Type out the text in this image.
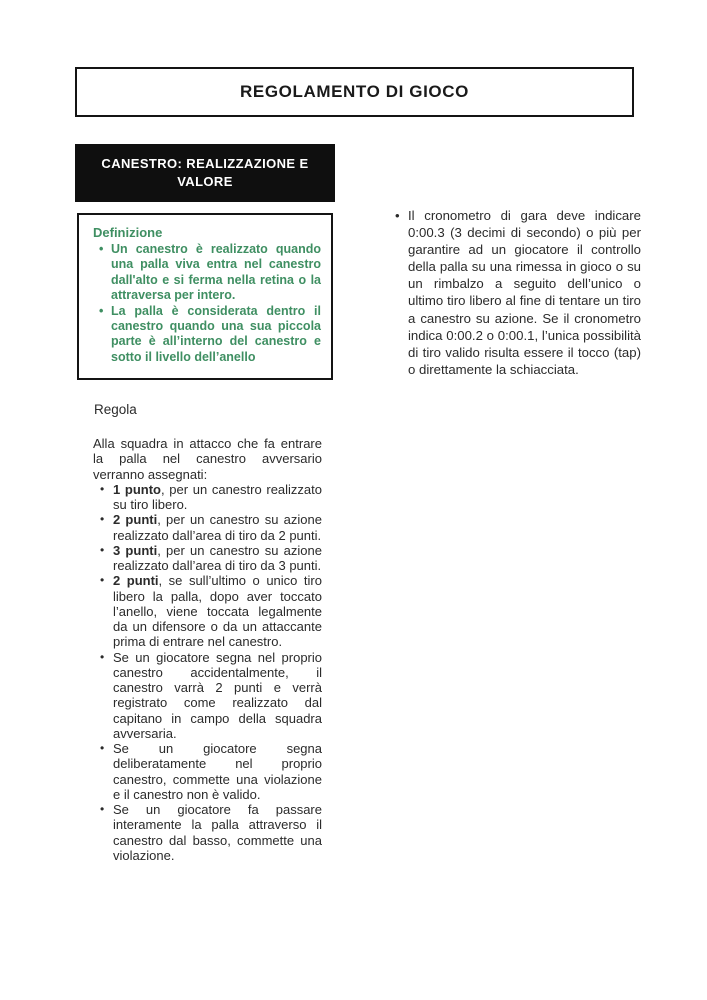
REGOLAMENTO DI GIOCO
CANESTRO: REALIZZAZIONE E VALORE
Definizione
• Un canestro è realizzato quando una palla viva entra nel canestro dall'alto e si ferma nella retina o la attraversa per intero.
• La palla è considerata dentro il canestro quando una sua piccola parte è all’interno del canestro e sotto il livello dell’anello
Regola

Alla squadra in attacco che fa entrare la palla nel canestro avversario verranno assegnati:

• 1 punto, per un canestro realizzato su tiro libero.
• 2 punti, per un canestro su azione realizzato dall’area di tiro da 2 punti.
• 3 punti, per un canestro su azione realizzato dall’area di tiro da 3 punti.
• 2 punti, se sull’ultimo o unico tiro libero la palla, dopo aver toccato l’anello, viene toccata legalmente da un difensore o da un attaccante prima di entrare nel canestro.
• Se un giocatore segna nel proprio canestro accidentalmente, il canestro varrà 2 punti e verrà registrato come realizzato dal capitano in campo della squadra avversaria.
• Se un giocatore segna deliberatamente nel proprio canestro, commette una violazione e il canestro non è valido.
• Se un giocatore fa passare interamente la palla attraverso il canestro dal basso, commette una violazione.
• Il cronometro di gara deve indicare 0:00.3 (3 decimi di secondo) o più per garantire ad un giocatore il controllo della palla su una rimessa in gioco o su un rimbalzo a seguito dell’unico o ultimo tiro libero al fine di tentare un tiro a canestro su azione. Se il cronometro indica 0:00.2 o 0:00.1, l’unica possibilità di tiro valido risulta essere il tocco (tap) o direttamente la schiacciata.
